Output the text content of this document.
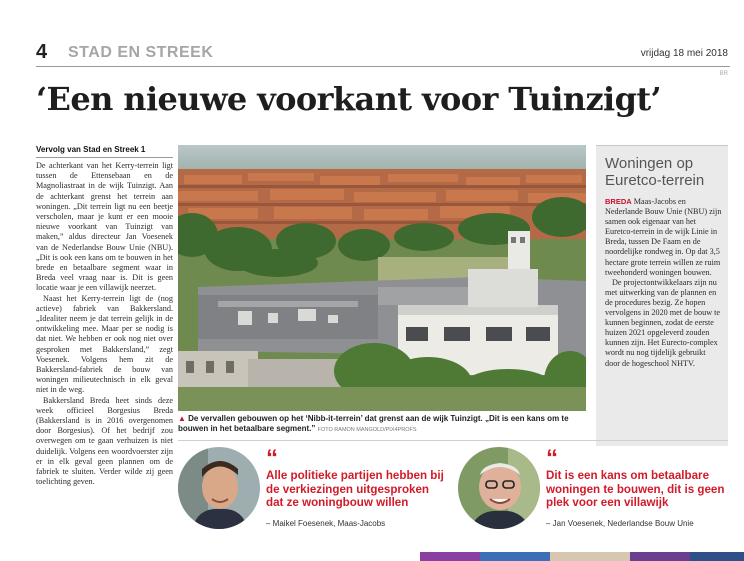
4 STAD EN STREEK	vrijdag 18 mei 2018
BR
‘Een nieuwe voorkant voor Tuinzigt’
Vervolg van Stad en Streek 1

De achterkant van het Kerry-terrein ligt tussen de Ettensebaan en de Magnoliastraat in de wijk Tuinzigt. Aan de achterkant grenst het terrein aan woningen. „Dit terrein ligt nu een beetje verscholen, maar je kunt er een mooie nieuwe voorkant van Tuinzigt van maken,” aldus directeur Jan Voesenek van de Nederlandse Bouw Unie (NBU). „Dit is ook een kans om te bouwen in het brede en betaalbare segment waar in Breda veel vraag naar is. Dit is geen locatie waar je een villawijk neerzet.

Naast het Kerry-terrein ligt de (nog actieve) fabriek van Bakkersland. „Idealiter neem je dat terrein gelijk in de ontwikkeling mee. Maar per se nodig is dat niet. We hebben er ook nog niet over gesproken met Bakkersland,” zegt Voesenek. Volgens hem zit de Bakkersland-fabriek de bouw van woningen milieutechnisch in elk geval niet in de weg.

Bakkersland Breda heet sinds deze week officieel Borgesius Breda (Bakkersland is in 2016 overgenomen door Borgesius). Of het bedrijf zou overwegen om te gaan verhuizen is niet duidelijk. Volgens een woordvoerster zijn er in elk geval geen plannen om de fabriek te sluiten. Verder wilde zij geen toelichting geven.

▲ De vervallen gebouwen op het ‘Nibb-it-terrein’ dat grenst aan de wijk Tuinzigt. „Dit is een kans om te bouwen in het betaalbare segment.” FOTO RAMON MANGOLD/PIX4PROFS
Woningen op Euretco-terrein

BREDA Maas-Jacobs en Nederlande Bouw Unie (NBU) zijn samen ook eigenaar van het Euretco-terrein in de wijk Linie in Breda, tussen De Faam en de noordelijke rondweg in. Op dat 3,5 hectare grote terrein willen ze ruim tweehonderd woningen bouwen.

De projectontwikkelaars zijn nu met uitwerking van de plannen en de procedures bezig. Ze hopen vervolgens in 2020 met de bouw te kunnen beginnen, zodat de eerste huizen 2021 opgeleverd zouden kunnen zijn. Het Eurecto-complex wordt nu nog tijdelijk gebruikt door de hogeschool NHTV.

“
Alle politieke partijen hebben bij de verkiezingen uitgesproken dat ze woningbouw willen
– Maikel Foesenek, Maas-Jacobs
“
Dit is een kans om betaalbare woningen te bouwen, dit is geen plek voor een villawijk
– Jan Voesenek, Nederlandse Bouw Unie
